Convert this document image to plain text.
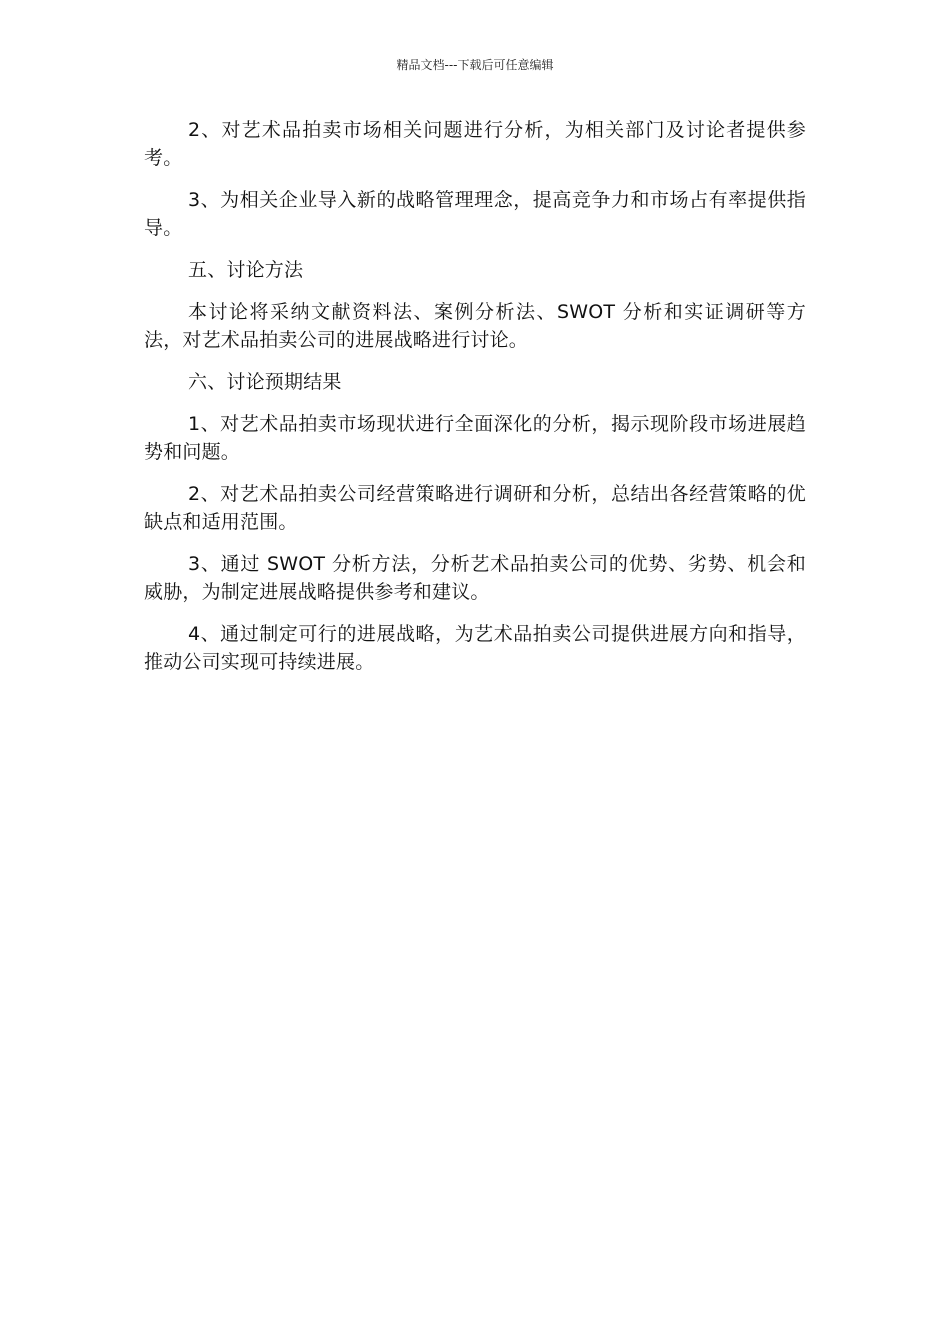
精品文档---下载后可任意编辑

2、对艺术品拍卖市场相关问题进行分析，为相关部门及讨论者提供参考。

3、为相关企业导入新的战略管理理念，提高竞争力和市场占有率提供指导。

五、讨论方法

本讨论将采纳文献资料法、案例分析法、SWOT 分析和实证调研等方法，对艺术品拍卖公司的进展战略进行讨论。

六、讨论预期结果

1、对艺术品拍卖市场现状进行全面深化的分析，揭示现阶段市场进展趋势和问题。

2、对艺术品拍卖公司经营策略进行调研和分析，总结出各经营策略的优缺点和适用范围。

3、通过 SWOT 分析方法，分析艺术品拍卖公司的优势、劣势、机会和威胁，为制定进展战略提供参考和建议。

4、通过制定可行的进展战略，为艺术品拍卖公司提供进展方向和指导，推动公司实现可持续进展。
